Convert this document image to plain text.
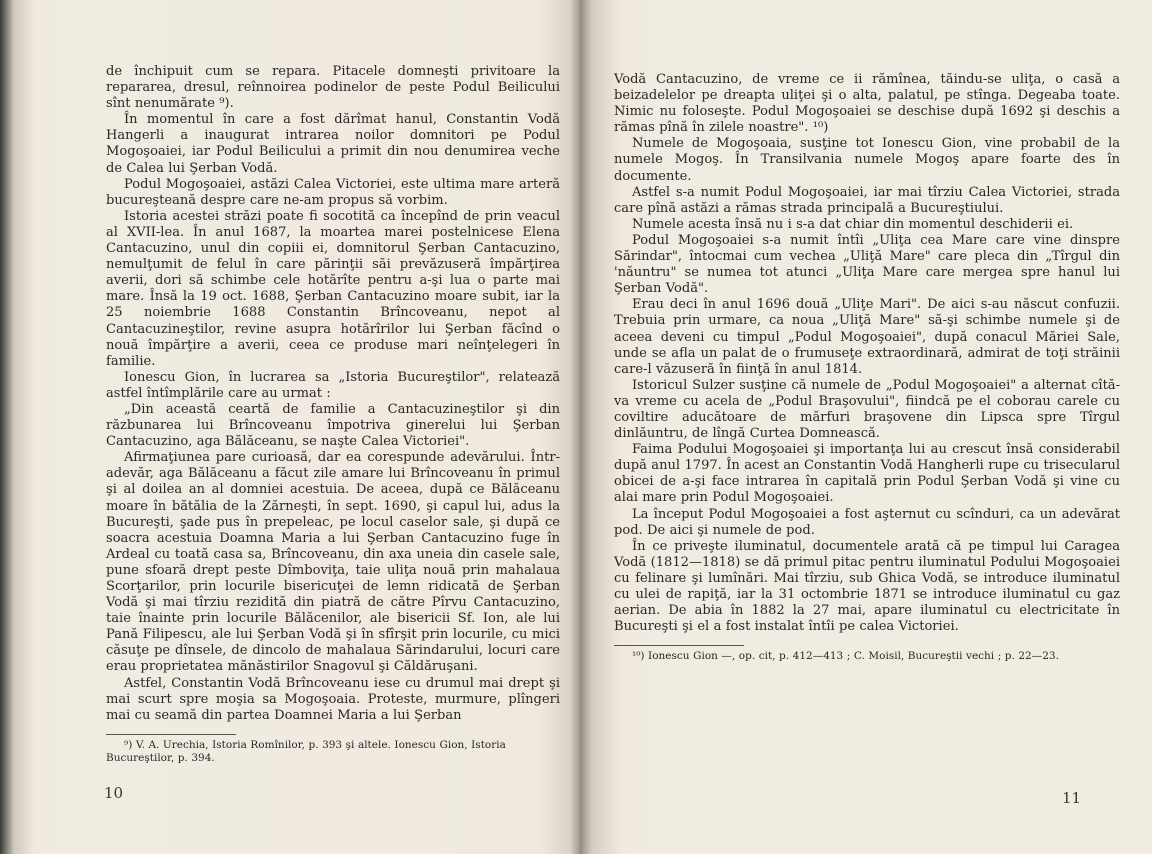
de închipuit cum se repara. Pitacele domneşti privitoare la repararea, dresul, reînnoirea podinelor de peste Podul Beilicului sînt nenumărate ⁹).

În momentul în care a fost dărîmat hanul, Constantin Vodă Hangerli a inaugurat intrarea noilor domnitori pe Podul Mogoşoaiei, iar Podul Beilicului a primit din nou denumirea veche de Calea lui Şerban Vodă.

Podul Mogoşoaiei, astăzi Calea Victoriei, este ultima mare arteră bucureşteană despre care ne-am propus să vorbim.

Istoria acestei străzi poate fi socotită ca începînd de prin veacul al XVII-lea. În anul 1687, la moartea marei postelnicese Elena Cantacuzino, unul din copiii ei, domnitorul Şerban Cantacuzino, nemulţumit de felul în care părinţii săi prevăzuseră împărţirea averii, dori să schimbe cele hotărîte pentru a-şi lua o parte mai mare. Însă la 19 oct. 1688, Şerban Cantacuzino moare subit, iar la 25 noiembrie 1688 Constantin Brîncoveanu, nepot al Cantacuzineştilor, revine asupra hotărîrilor lui Şerban făcînd o nouă împărţire a averii, ceea ce produse mari neînţelegeri în familie.

Ionescu Gion, în lucrarea sa „Istoria Bucureştilor", relatează astfel întîmplările care au urmat :

„Din această ceartă de familie a Cantacuzineştilor şi din răzbunarea lui Brîncoveanu împotriva ginerelui lui Şerban Cantacuzino, aga Bălăceanu, se naşte Calea Victoriei".

Afirmaţiunea pare curioasă, dar ea corespunde adevărului. Într-adevăr, aga Bălăceanu a făcut zile amare lui Brîncoveanu în primul şi al doilea an al domniei acestuia. De aceea, după ce Bălăceanu moare în bătălia de la Zărneşti, în sept. 1690, şi capul lui, adus la Bucureşti, şade pus în prepeleac, pe locul caselor sale, şi după ce soacra acestuia Doamna Maria a lui Şerban Cantacuzino fuge în Ardeal cu toată casa sa, Brîncoveanu, din axa uneia din casele sale, pune sfoară drept peste Dîmboviţa, taie uliţa nouă prin mahalaua Scorţarilor, prin locurile bisericuţei de lemn ridicată de Şerban Vodă şi mai tîrziu rezidită din piatră de către Pîrvu Cantacuzino, taie înainte prin locurile Bălăcenilor, ale bisericii Sf. Ion, ale lui Pană Filipescu, ale lui Şerban Vodă şi în sfîrşit prin locurile, cu mici căsuţe pe dînsele, de dincolo de mahalaua Sărindarului, locuri care erau proprietatea mănăstirilor Snagovul şi Căldăruşani.

Astfel, Constantin Vodă Brîncoveanu iese cu drumul mai drept şi mai scurt spre moşia sa Mogoşoaia. Proteste, murmure, plîngeri mai cu seamă din partea Doamnei Maria a lui Şerban

⁹) V. A. Urechia, Istoria Romînilor, p. 393 şi altele. Ionescu Gion, Istoria Bucureştilor, p. 394.

10

Vodă Cantacuzino, de vreme ce ii rămînea, tăindu-se uliţa, o casă a beizadelelor pe dreapta uliţei şi o alta, palatul, pe stînga. Degeaba toate. Nimic nu foloseşte. Podul Mogoşoaiei se deschise după 1692 şi deschis a rămas pînă în zilele noastre". ¹⁰)

Numele de Mogoşoaia, susţine tot Ionescu Gion, vine probabil de la numele Mogoş. În Transilvania numele Mogoş apare foarte des în documente.

Astfel s-a numit Podul Mogoşoaiei, iar mai tîrziu Calea Victoriei, strada care pînă astăzi a rămas strada principală a Bucureştiului.

Numele acesta însă nu i s-a dat chiar din momentul deschiderii ei.

Podul Mogoşoaiei s-a numit întîi „Uliţa cea Mare care vine dinspre Sărindar", întocmai cum vechea „Uliţă Mare" care pleca din „Tîrgul din 'năuntru" se numea tot atunci „Uliţa Mare care mergea spre hanul lui Şerban Vodă".

Erau deci în anul 1696 două „Uliţe Mari". De aici s-au născut confuzii. Trebuia prin urmare, ca noua „Uliţă Mare" să-şi schimbe numele şi de aceea deveni cu timpul „Podul Mogoşoaiei", după conacul Măriei Sale, unde se afla un palat de o frumuseţe extraordinară, admirat de toţi străinii care-l văzuseră în fiinţă în anul 1814.

Istoricul Sulzer susţine că numele de „Podul Mogoşoaiei" a alternat cîtă-va vreme cu acela de „Podul Braşovului", fiindcă pe el coborau carele cu coviltire aducătoare de mărfuri braşovene din Lipsca spre Tîrgul dinlăuntru, de lîngă Curtea Domnească.

Faima Podului Mogoşoaiei şi importanţa lui au crescut însă considerabil după anul 1797. În acest an Constantin Vodă Hangherli rupe cu trisecularul obicei de a-şi face intrarea în capitală prin Podul Şerban Vodă şi vine cu alai mare prin Podul Mogoşoaiei.

La început Podul Mogoşoaiei a fost aşternut cu scînduri, ca un adevărat pod. De aici şi numele de pod.

În ce priveşte iluminatul, documentele arată că pe timpul lui Caragea Vodă (1812—1818) se dă primul pitac pentru iluminatul Podului Mogoşoaiei cu felinare şi lumînări. Mai tîrziu, sub Ghica Vodă, se introduce iluminatul cu ulei de rapiţă, iar la 31 octombrie 1871 se introduce iluminatul cu gaz aerian. De abia în 1882 la 27 mai, apare iluminatul cu electricitate în Bucureşti şi el a fost instalat întîi pe calea Victoriei.

¹⁰) Ionescu Gion —, op. cit, p. 412—413 ; C. Moisil, Bucureştii vechi ; p. 22—23.

11
